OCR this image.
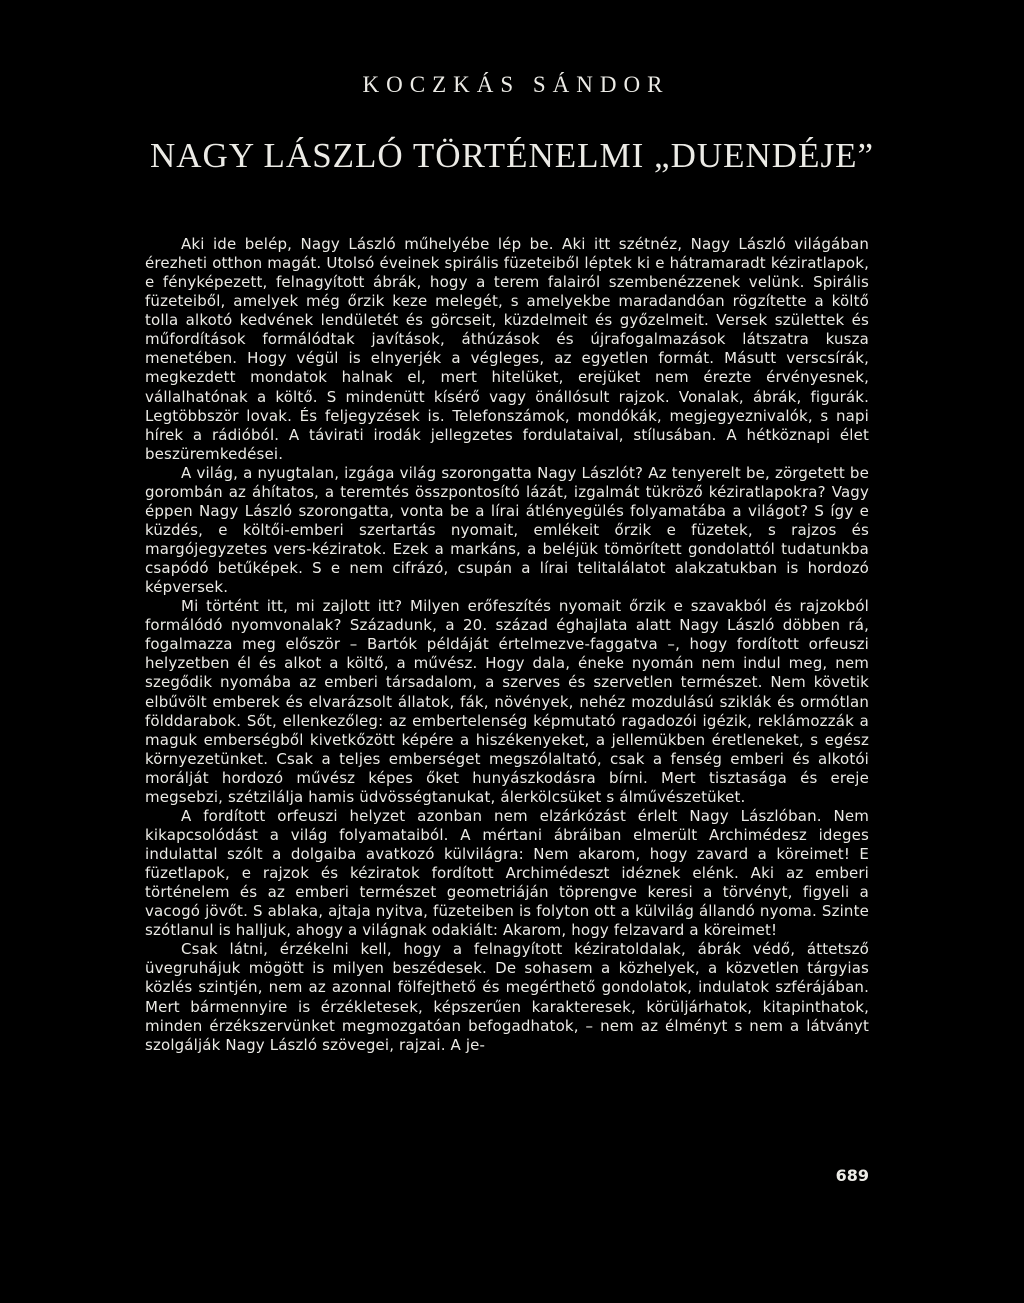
KOCZKÁS SÁNDOR
NAGY LÁSZLÓ TÖRTÉNELMI „DUENDÉJE”

Aki ide belép, Nagy László műhelyébe lép be. Aki itt szétnéz, Nagy László világában érezheti otthon magát. Utolsó éveinek spirális füzeteiből léptek ki e hátramaradt kéziratlapok, e fényképezett, felnagyított ábrák, hogy a terem falairól szembenézzenek velünk. Spirális füzeteiből, amelyek még őrzik keze melegét, s amelyekbe maradandóan rögzítette a költő tolla alkotó kedvének lendületét és görcseit, küzdelmeit és győzelmeit. Versek születtek és műfordítások formálódtak javítások, áthúzások és újrafogalmazások látszatra kusza menetében. Hogy végül is elnyerjék a végleges, az egyetlen formát. Másutt verscsírák, megkezdett mondatok halnak el, mert hitelüket, erejüket nem érezte érvényesnek, vállalhatónak a költő. S mindenütt kísérő vagy önállósult rajzok. Vonalak, ábrák, figurák. Legtöbbször lovak. És feljegyzések is. Telefonszámok, mondókák, megjegyeznivalók, s napi hírek a rádióból. A távirati irodák jellegzetes fordulataival, stílusában. A hétköznapi élet beszüremkedései.

A világ, a nyugtalan, izgága világ szorongatta Nagy Lászlót? Az tenyerelt be, zörgetett be gorombán az áhítatos, a teremtés összpontosító lázát, izgalmát tükröző kéziratlapokra? Vagy éppen Nagy László szorongatta, vonta be a lírai átlényegülés folyamatába a világot? S így e küzdés, e költői-emberi szertartás nyomait, emlékeit őrzik e füzetek, s rajzos és margójegyzetes vers-kéziratok. Ezek a markáns, a beléjük tömörített gondolattól tudatunkba csapódó betűképek. S e nem cifrázó, csupán a lírai telitalálatot alakzatukban is hordozó képversek.

Mi történt itt, mi zajlott itt? Milyen erőfeszítés nyomait őrzik e szavakból és rajzokból formálódó nyomvonalak? Századunk, a 20. század éghajlata alatt Nagy László döbben rá, fogalmazza meg először – Bartók példáját értelmezve-faggatva –, hogy fordított orfeuszi helyzetben él és alkot a költő, a művész. Hogy dala, éneke nyomán nem indul meg, nem szegődik nyomába az emberi társadalom, a szerves és szervetlen természet. Nem követik elbűvölt emberek és elvarázsolt állatok, fák, növények, nehéz mozdulású sziklák és ormótlan földdarabok. Sőt, ellenkezőleg: az embertelenség képmutató ragadozói igézik, reklámozzák a maguk emberségből kivetkőzött képére a hiszékenyeket, a jellemükben éretleneket, s egész környezetünket. Csak a teljes emberséget megszólaltató, csak a fenség emberi és alkotói morálját hordozó művész képes őket hunyászkodásra bírni. Mert tisztasága és ereje megsebzi, szétzilálja hamis üdvösségtanukat, álerkölcsüket s álművészetüket.

A fordított orfeuszi helyzet azonban nem elzárkózást érlelt Nagy Lászlóban. Nem kikapcsolódást a világ folyamataiból. A mértani ábráiban elmerült Archimédesz ideges indulattal szólt a dolgaiba avatkozó külvilágra: Nem akarom, hogy zavard a köreimet! E füzetlapok, e rajzok és kéziratok fordított Archimédeszt idéznek elénk. Aki az emberi történelem és az emberi természet geometriáján töprengve keresi a törvényt, figyeli a vacogó jövőt. S ablaka, ajtaja nyitva, füzeteiben is folyton ott a külvilág állandó nyoma. Szinte szótlanul is halljuk, ahogy a világnak odakiált: Akarom, hogy felzavard a köreimet!

Csak látni, érzékelni kell, hogy a felnagyított kéziratoldalak, ábrák védő, áttetsző üvegruhájuk mögött is milyen beszédesek. De sohasem a közhelyek, a közvetlen tárgyias közlés szintjén, nem az azonnal fölfejthető és megérthető gondolatok, indulatok szférájában. Mert bármennyire is érzékletesek, képszerűen karakteresek, körüljárhatok, kitapinthatok, minden érzékszervünket megmozgatóan befogadhatok, – nem az élményt s nem a látványt szolgálják Nagy László szövegei, rajzai. A je-

689
